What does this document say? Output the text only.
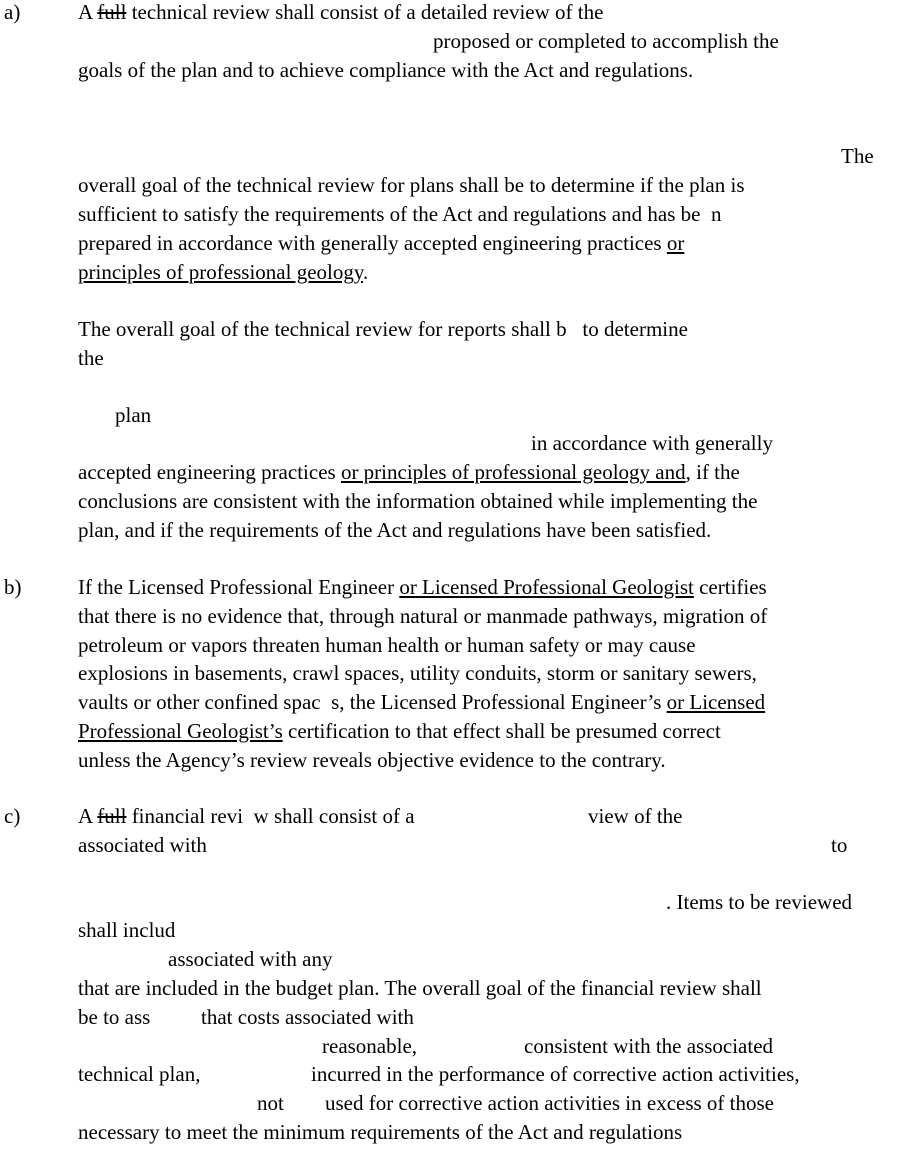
a)	A full technical review shall consist of a detailed review of the
proposed or completed to accomplish the
goals of the plan and to achieve compliance with the Act and regulations.
The
overall goal of the technical review for plans shall be to determine if the plan is
sufficient to satisfy the requirements of the Act and regulations and has be  n
prepared in accordance with generally accepted engineering practices or
principles of professional geology.
The overall goal of the technical review for reports shall b   to determine
the
plan
in accordance with generally
accepted engineering practices or principles of professional geology and, if the
conclusions are consistent with the information obtained while implementing the
plan, and if the requirements of the Act and regulations have been satisfied.
b)	If the Licensed Professional Engineer or Licensed Professional Geologist certifies
that there is no evidence that, through natural or manmade pathways, migration of
petroleum or vapors threaten human health or human safety or may cause
explosions in basements, crawl spaces, utility conduits, storm or sanitary sewers,
vaults or other confined spac  s, the Licensed Professional Engineer’s or Licensed
Professional Geologist’s certification to that effect shall be presumed correct
unless the Agency’s review reveals objective evidence to the contrary.
c)	A full financial revi  w shall consist of a	view of the
associated with	to
. Items to be reviewed
shall includ
associated with any
that are included in the budget plan. The overall goal of the financial review shall
be to ass that costs associated with
reasonable,	consistent with the associated
technical plan,	incurred in the performance of corrective action activities,
not used for corrective action activities in excess of those
necessary to meet the minimum requirements of the Act and regulations
